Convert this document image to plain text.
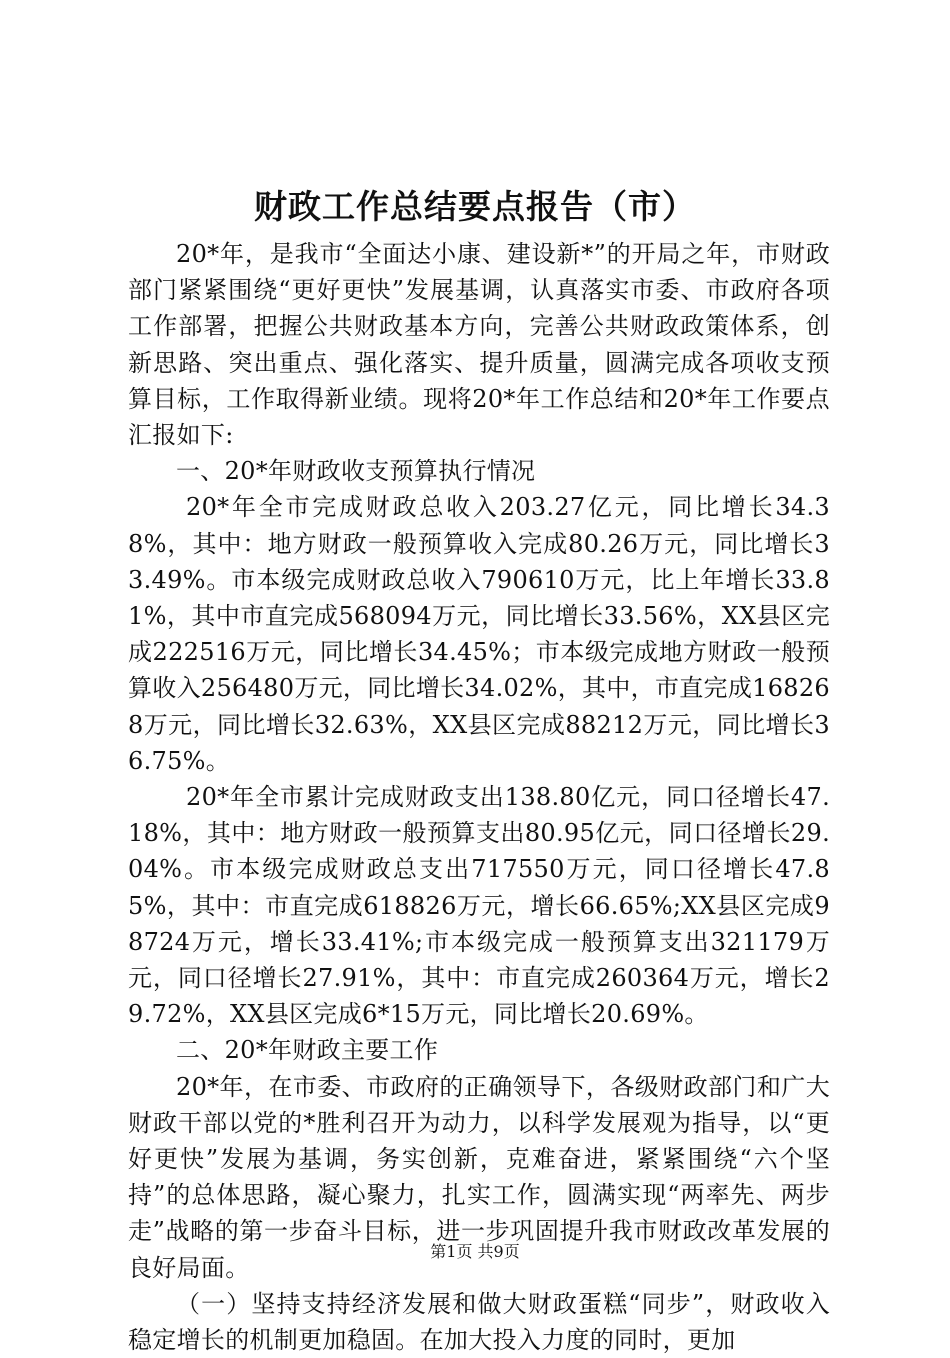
财政工作总结要点报告（市）

20*年，是我市“全面达小康、建设新*”的开局之年，市财政部门紧紧围绕“更好更快”发展基调，认真落实市委、市政府各项工作部署，把握公共财政基本方向，完善公共财政政策体系，创新思路、突出重点、强化落实、提升质量，圆满完成各项收支预算目标，工作取得新业绩。现将20*年工作总结和20*年工作要点汇报如下:

一、20*年财政收支预算执行情况

20*年全市完成财政总收入203.27亿元，同比增长34.38%，其中：地方财政一般预算收入完成80.26万元，同比增长33.49%。市本级完成财政总收入790610万元，比上年增长33.81%，其中市直完成568094万元，同比增长33.56%，XX县区完成222516万元，同比增长34.45%；市本级完成地方财政一般预算收入256480万元，同比增长34.02%，其中，市直完成168268万元，同比增长32.63%，XX县区完成88212万元，同比增长36.75%。

20*年全市累计完成财政支出138.80亿元，同口径增长47.18%，其中：地方财政一般预算支出80.95亿元，同口径增长29.04%。市本级完成财政总支出717550万元，同口径增长47.85%，其中：市直完成618826万元，增长66.65%;XX县区完成98724万元，增长33.41%;市本级完成一般预算支出321179万元，同口径增长27.91%，其中：市直完成260364万元，增长29.72%，XX县区完成6*15万元，同比增长20.69%。

二、20*年财政主要工作

20*年，在市委、市政府的正确领导下，各级财政部门和广大财政干部以党的*胜利召开为动力，以科学发展观为指导，以“更好更快”发展为基调，务实创新，克难奋进，紧紧围绕“六个坚持”的总体思路，凝心聚力，扎实工作，圆满实现“两率先、两步走”战略的第一步奋斗目标，进一步巩固提升我市财政改革发展的良好局面。

（一）坚持支持经济发展和做大财政蛋糕“同步”，财政收入稳定增长的机制更加稳固。在加大投入力度的同时，更加

第1页 共9页
